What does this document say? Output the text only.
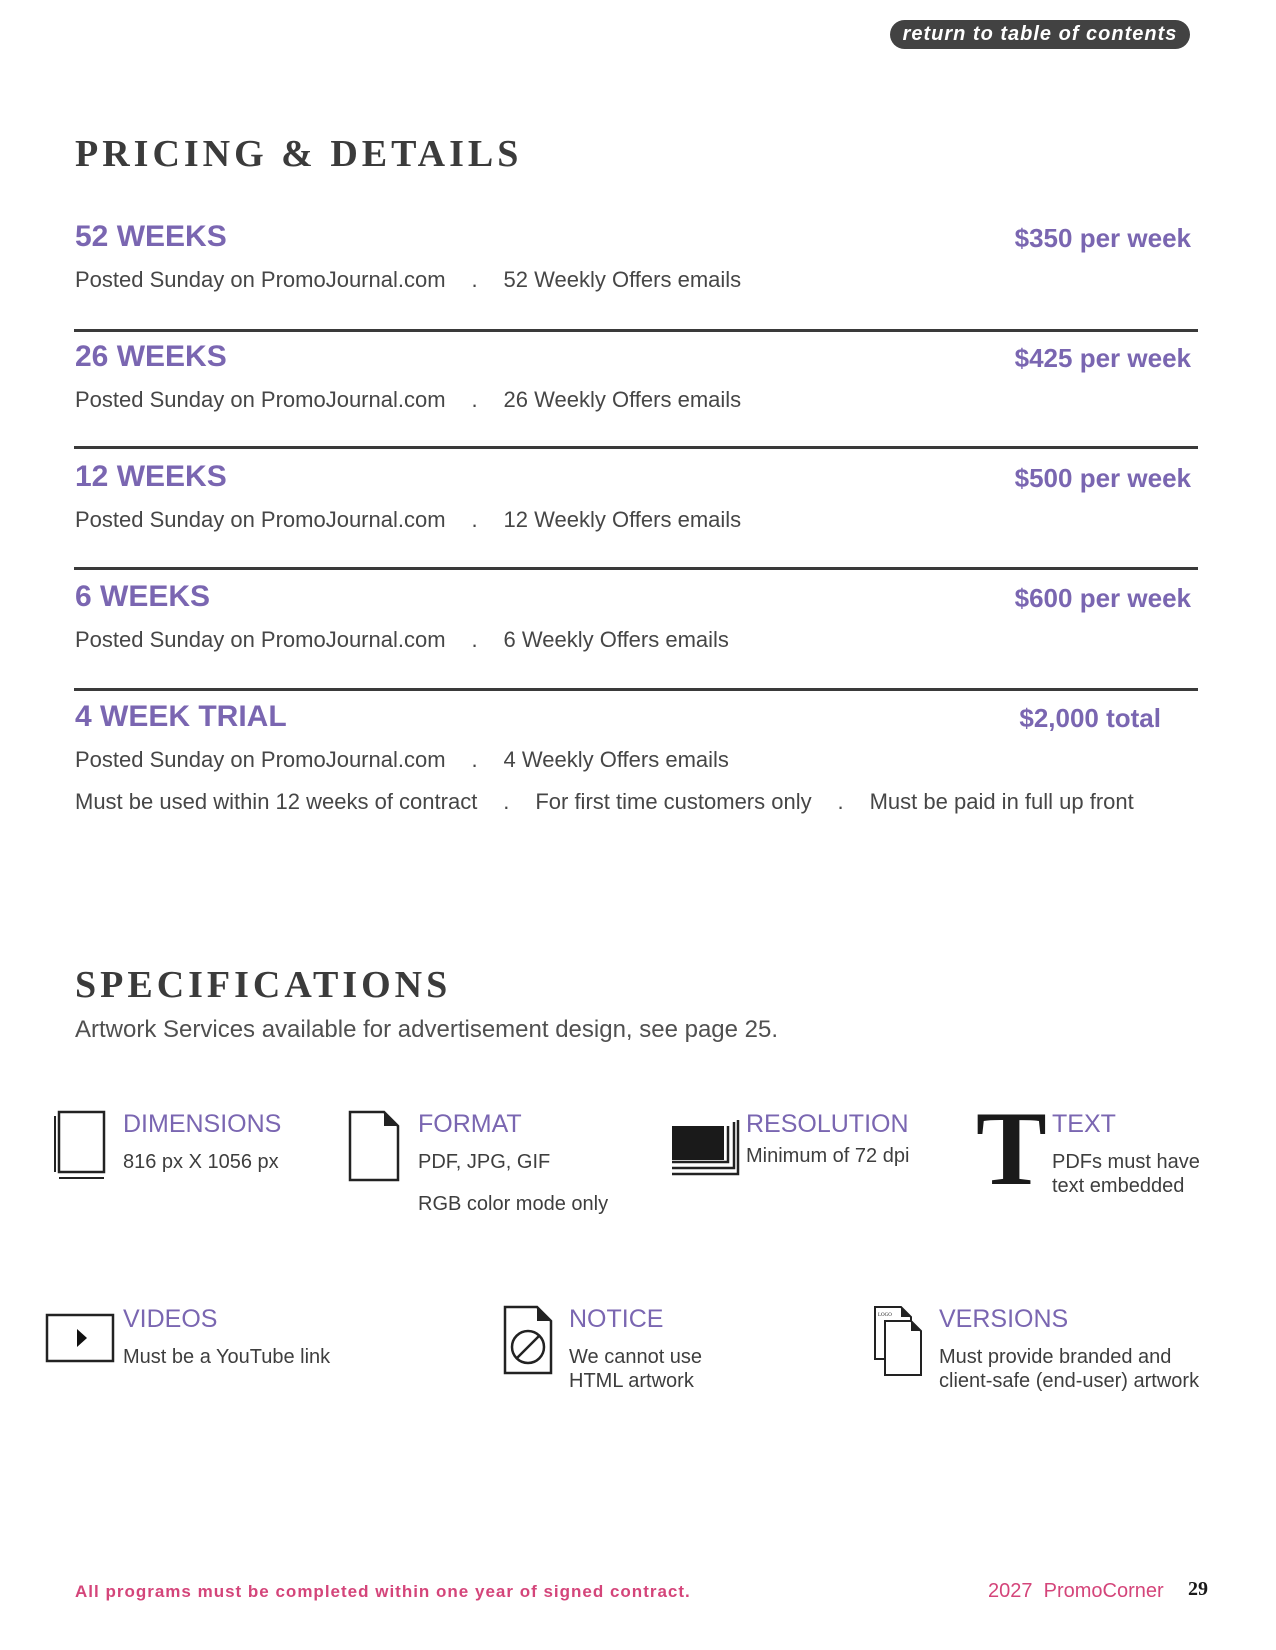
return to table of contents
PRICING & DETAILS
52 WEEKS	$350 per week
Posted Sunday on PromoJournal.com . 52 Weekly Offers emails
26 WEEKS	$425 per week
Posted Sunday on PromoJournal.com . 26 Weekly Offers emails
12 WEEKS	$500 per week
Posted Sunday on PromoJournal.com . 12 Weekly Offers emails
6 WEEKS	$600 per week
Posted Sunday on PromoJournal.com . 6 Weekly Offers emails
4 WEEK TRIAL	$2,000 total
Posted Sunday on PromoJournal.com . 4 Weekly Offers emails
Must be used within 12 weeks of contract . For first time customers only . Must be paid in full up front
SPECIFICATIONS
Artwork Services available for advertisement design, see page 25.
DIMENSIONS
816 px X 1056 px
FORMAT
PDF, JPG, GIF
RGB color mode only
RESOLUTION
Minimum of 72 dpi T TEXT
PDFs must have
text embedded
VIDEOS
Must be a YouTube link
NOTICE
We cannot use
HTML artwork
LOGO VERSIONS
Must provide branded and
client-safe (end-user) artwork
All programs must be completed within one year of signed contract.	2027  PromoCorner 29
